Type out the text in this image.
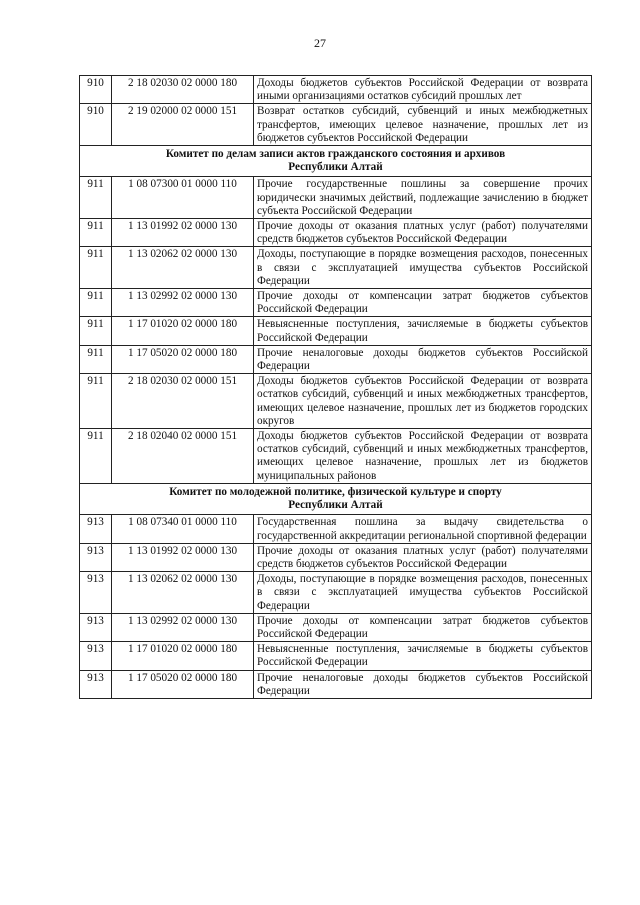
27
910	2 18 02030 02 0000 180	Доходы бюджетов субъектов Российской Федерации от возврата иными организациями остатков субсидий прошлых лет
910	2 19 02000 02 0000 151	Возврат остатков субсидий, субвенций и иных межбюджетных трансфертов, имеющих целевое назначение, прошлых лет из бюджетов субъектов Российской Федерации

Комитет по делам записи актов гражданского состояния и архивов
Республики Алтай		

911	1 08 07300 01 0000 110	Прочие государственные пошлины за совершение прочих юридически значимых действий, подлежащие зачислению в бюджет субъекта Российской Федерации
911	1 13 01992 02 0000 130	Прочие доходы от оказания платных услуг (работ) получателями средств бюджетов субъектов Российской Федерации
911	1 13 02062 02 0000 130	Доходы, поступающие в порядке возмещения расходов, понесенных в связи с эксплуатацией имущества субъектов Российской Федерации
911	1 13 02992 02 0000 130	Прочие доходы от компенсации затрат бюджетов субъектов Российской Федерации
911	1 17 01020 02 0000 180	Невыясненные поступления, зачисляемые в бюджеты субъектов Российской Федерации
911	1 17 05020 02 0000 180	Прочие неналоговые доходы бюджетов субъектов Российской Федерации
911	2 18 02030 02 0000 151	Доходы бюджетов субъектов Российской Федерации от возврата остатков субсидий, субвенций и иных межбюджетных трансфертов, имеющих целевое назначение, прошлых лет из бюджетов городских округов
911	2 18 02040 02 0000 151	Доходы бюджетов субъектов Российской Федерации от возврата остатков субсидий, субвенций и иных межбюджетных трансфертов, имеющих целевое назначение, прошлых лет из бюджетов муниципальных районов

Комитет по молодежной политике, физической культуре и спорту
Республики Алтай		

913	1 08 07340 01 0000 110	Государственная пошлина за выдачу свидетельства о государственной аккредитации региональной спортивной федерации
913	1 13 01992 02 0000 130	Прочие доходы от оказания платных услуг (работ) получателями средств бюджетов субъектов Российской Федерации
913	1 13 02062 02 0000 130	Доходы, поступающие в порядке возмещения расходов, понесенных в связи с эксплуатацией имущества субъектов Российской Федерации
913	1 13 02992 02 0000 130	Прочие доходы от компенсации затрат бюджетов субъектов Российской Федерации
913	1 17 01020 02 0000 180	Невыясненные поступления, зачисляемые в бюджеты субъектов Российской Федерации
913	1 17 05020 02 0000 180	Прочие неналоговые доходы бюджетов субъектов Российской Федерации
